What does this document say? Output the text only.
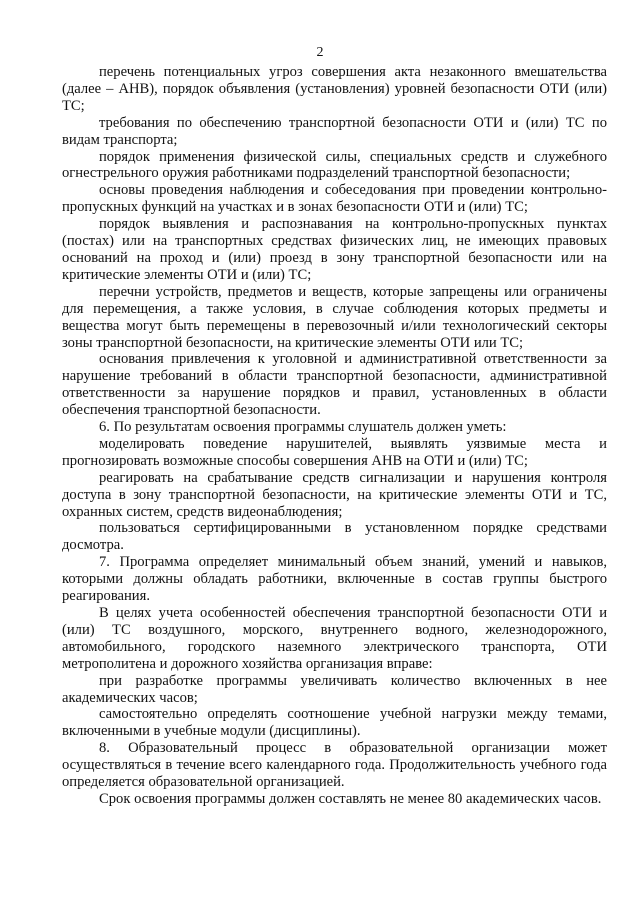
2

перечень потенциальных угроз совершения акта незаконного вмешательства (далее – АНВ), порядок объявления (установления) уровней безопасности ОТИ (или) ТС;

требования по обеспечению транспортной безопасности ОТИ и (или) ТС по видам транспорта;

порядок применения физической силы, специальных средств и служебного огнестрельного оружия работниками подразделений транспортной безопасности;

основы проведения наблюдения и собеседования при проведении контрольно-пропускных функций на участках и в зонах безопасности ОТИ и (или) ТС;

порядок выявления и распознавания на контрольно-пропускных пунктах (постах) или на транспортных средствах физических лиц, не имеющих правовых оснований на проход и (или) проезд в зону транспортной безопасности или на критические элементы ОТИ и (или) ТС;

перечни устройств, предметов и веществ, которые запрещены или ограничены для перемещения, а также условия, в случае соблюдения которых предметы и вещества могут быть перемещены в перевозочный и/или технологический секторы зоны транспортной безопасности, на критические элементы ОТИ или ТС;

основания привлечения к уголовной и административной ответственности за нарушение требований в области транспортной безопасности, административной ответственности за нарушение порядков и правил, установленных в области обеспечения транспортной безопасности.

6. По результатам освоения программы слушатель должен уметь:

моделировать поведение нарушителей, выявлять уязвимые места и прогнозировать возможные способы совершения АНВ на ОТИ и (или) ТС;

реагировать на срабатывание средств сигнализации и нарушения контроля доступа в зону транспортной безопасности, на критические элементы ОТИ и ТС, охранных систем, средств видеонаблюдения;

пользоваться сертифицированными в установленном порядке средствами досмотра.

7. Программа определяет минимальный объем знаний, умений и навыков, которыми должны обладать работники, включенные в состав группы быстрого реагирования.

В целях учета особенностей обеспечения транспортной безопасности ОТИ и (или) ТС воздушного, морского, внутреннего водного, железнодорожного, автомобильного, городского наземного электрического транспорта, ОТИ метрополитена и дорожного хозяйства организация вправе:

при разработке программы увеличивать количество включенных в нее академических часов;

самостоятельно определять соотношение учебной нагрузки между темами, включенными в учебные модули (дисциплины).

8. Образовательный процесс в образовательной организации может осуществляться в течение всего календарного года. Продолжительность учебного года определяется образовательной организацией.

Срок освоения программы должен составлять не менее 80 академических часов.
